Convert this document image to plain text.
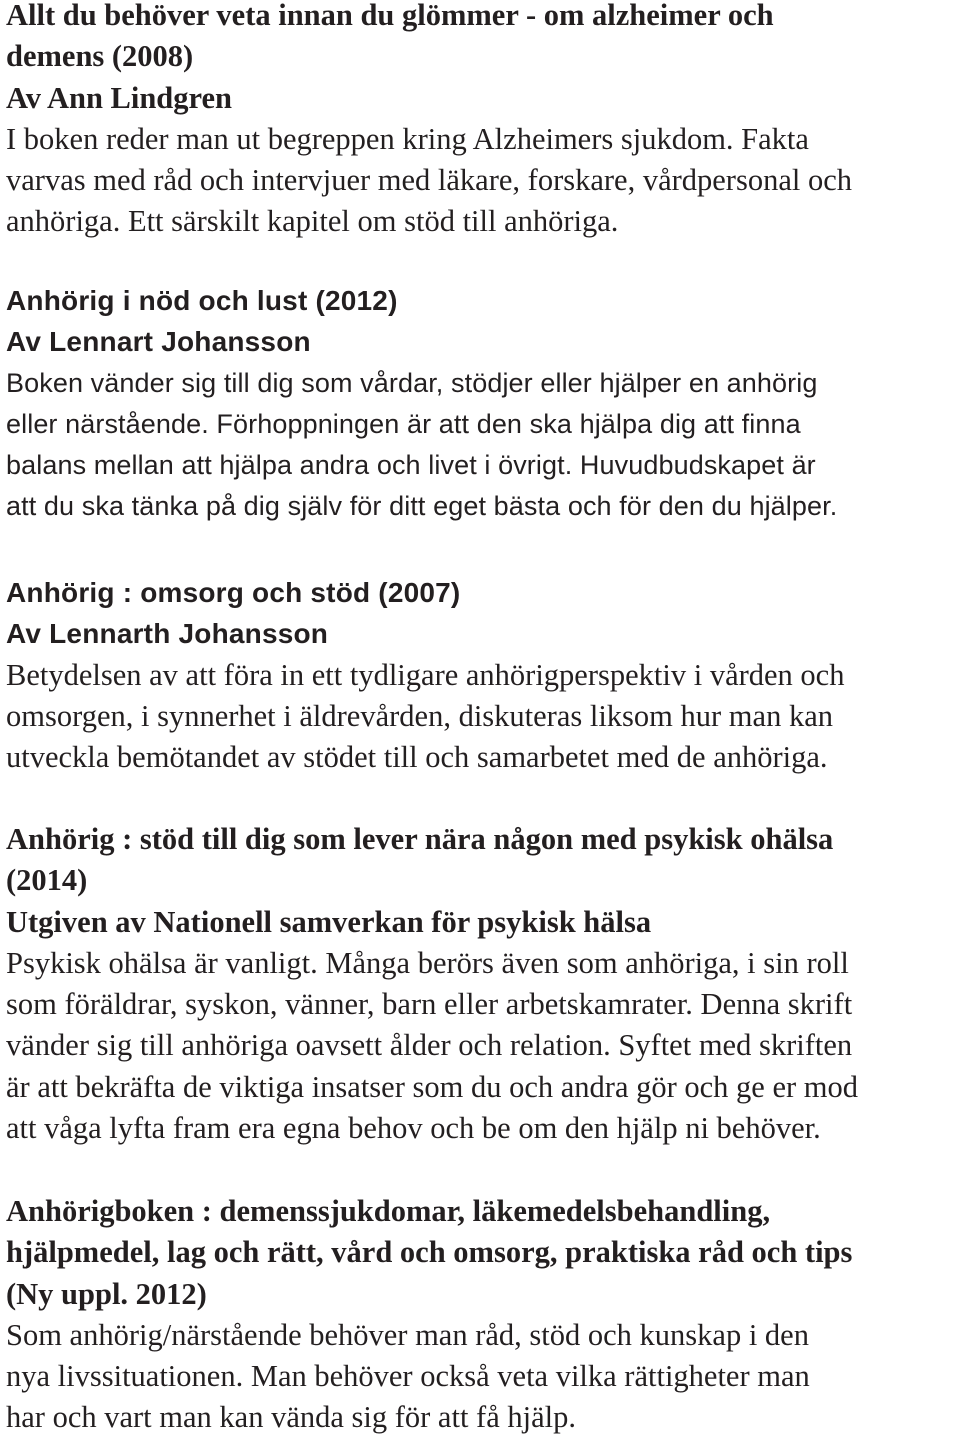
Allt du behöver veta innan du glömmer - om alzheimer och
demens (2008)
Av Ann Lindgren
I boken reder man ut begreppen kring Alzheimers sjukdom. Fakta
varvas med råd och intervjuer med läkare, forskare, vårdpersonal och
anhöriga. Ett särskilt kapitel om stöd till anhöriga.
Anhörig i nöd och lust (2012)
Av Lennart Johansson
Boken vänder sig till dig som vårdar, stödjer eller hjälper en anhörig
eller närstående. Förhoppningen är att den ska hjälpa dig att finna
balans mellan att hjälpa andra och livet i övrigt. Huvudbudskapet är
att du ska tänka på dig själv för ditt eget bästa och för den du hjälper.
Anhörig : omsorg och stöd (2007)
Av Lennarth Johansson
Betydelsen av att föra in ett tydligare anhörigperspektiv i vården och
omsorgen, i synnerhet i äldrevården, diskuteras liksom hur man kan
utveckla bemötandet av stödet till och samarbetet med de anhöriga.
Anhörig : stöd till dig som lever nära någon med psykisk ohälsa
(2014)
Utgiven av Nationell samverkan för psykisk hälsa
Psykisk ohälsa är vanligt. Många berörs även som anhöriga, i sin roll
som föräldrar, syskon, vänner, barn eller arbetskamrater. Denna skrift
vänder sig till anhöriga oavsett ålder och relation. Syftet med skriften
är att bekräfta de viktiga insatser som du och andra gör och ge er mod
att våga lyfta fram era egna behov och be om den hjälp ni behöver.
Anhörigboken : demenssjukdomar, läkemedelsbehandling,
hjälpmedel, lag och rätt, vård och omsorg, praktiska råd och tips
(Ny uppl. 2012)
Som anhörig/närstående behöver man råd, stöd och kunskap i den
nya livssituationen. Man behöver också veta vilka rättigheter man
har och vart man kan vända sig för att få hjälp.
